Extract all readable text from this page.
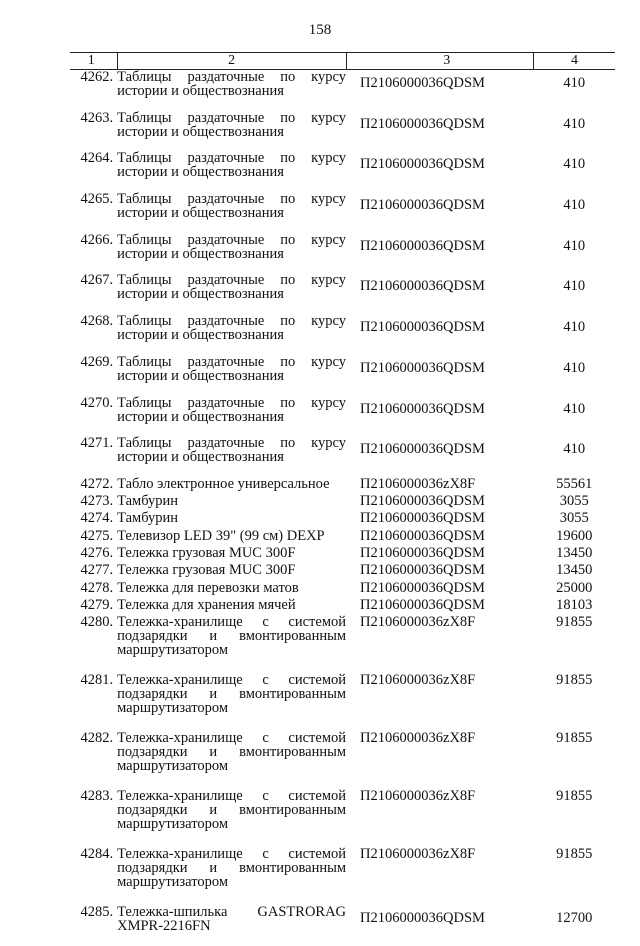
158
1	2	3	4
4262.	Таблицы раздаточные по курсу
истории и обществознания	П2106000036QDSM	410
4263.	Таблицы раздаточные по курсу
истории и обществознания	П2106000036QDSM	410
4264.	Таблицы раздаточные по курсу
истории и обществознания	П2106000036QDSM	410
4265.	Таблицы раздаточные по курсу
истории и обществознания	П2106000036QDSM	410
4266.	Таблицы раздаточные по курсу
истории и обществознания	П2106000036QDSM	410
4267.	Таблицы раздаточные по курсу
истории и обществознания	П2106000036QDSM	410
4268.	Таблицы раздаточные по курсу
истории и обществознания	П2106000036QDSM	410
4269.	Таблицы раздаточные по курсу
истории и обществознания	П2106000036QDSM	410
4270.	Таблицы раздаточные по курсу
истории и обществознания	П2106000036QDSM	410
4271.	Таблицы раздаточные по курсу
истории и обществознания	П2106000036QDSM	410
4272.	Табло электронное универсальное	П2106000036zX8F	55561
4273.	Тамбурин	П2106000036QDSM	3055
4274.	Тамбурин	П2106000036QDSM	3055
4275.	Телевизор LED 39" (99 см) DEXP	П2106000036QDSM	19600
4276.	Тележка грузовая MUC 300F	П2106000036QDSM	13450
4277.	Тележка грузовая MUC 300F	П2106000036QDSM	13450
4278.	Тележка для перевозки матов	П2106000036QDSM	25000
4279.	Тележка для хранения мячей	П2106000036QDSM	18103
4280.	Тележка-хранилище с системой
подзарядки и вмонтированным маршрутизатором	П2106000036zX8F	91855
4281.	Тележка-хранилище с системой
подзарядки и вмонтированным маршрутизатором	П2106000036zX8F	91855
4282.	Тележка-хранилище с системой
подзарядки и вмонтированным маршрутизатором	П2106000036zX8F	91855
4283.	Тележка-хранилище с системой
подзарядки и вмонтированным маршрутизатором	П2106000036zX8F	91855
4284.	Тележка-хранилище с системой
подзарядки и вмонтированным маршрутизатором	П2106000036zX8F	91855
4285.	Тележка-шпилька GASTRORAG
XMPR-2216FN	П2106000036QDSM	12700
